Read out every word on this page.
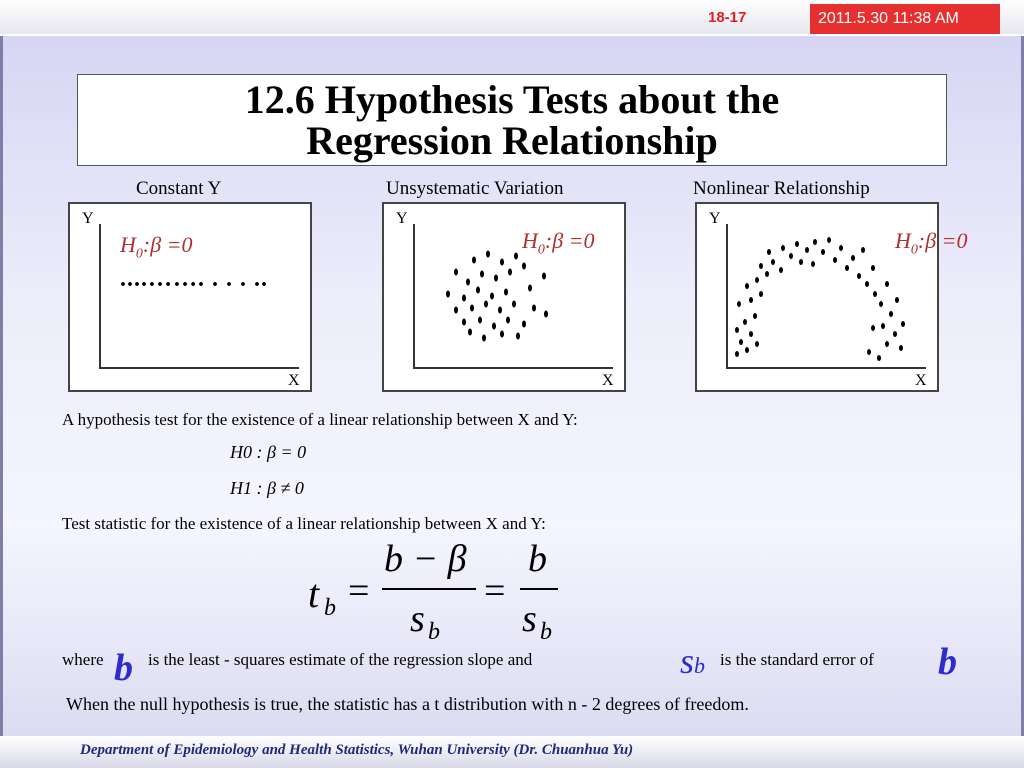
18-17	2011.5.30 11:38 AM
12.6 Hypothesis Tests about the
Regression Relationship
Constant Y	Unsystematic Variation	Nonlinear Relationship
Y
X
$H_0:\beta =0$
....……. . . . ..
Y
X
$H_0:\beta =0$
Y
X
$H_0:\beta =0$
A hypothesis test for the existence of a linear relationship between X and Y:
H0 : β = 0
H1 : β ≠ 0
Test statistic for the existence of a linear relationship between X and Y:
t b =
b − β
s b
=
b
s b
where b is the least - squares estimate of the regression slope and	sb is the standard error of b
When the null hypothesis is true, the statistic has a t distribution with n - 2 degrees of freedom.
Department of Epidemiology and Health Statistics, Wuhan University (Dr. Chuanhua Yu)
